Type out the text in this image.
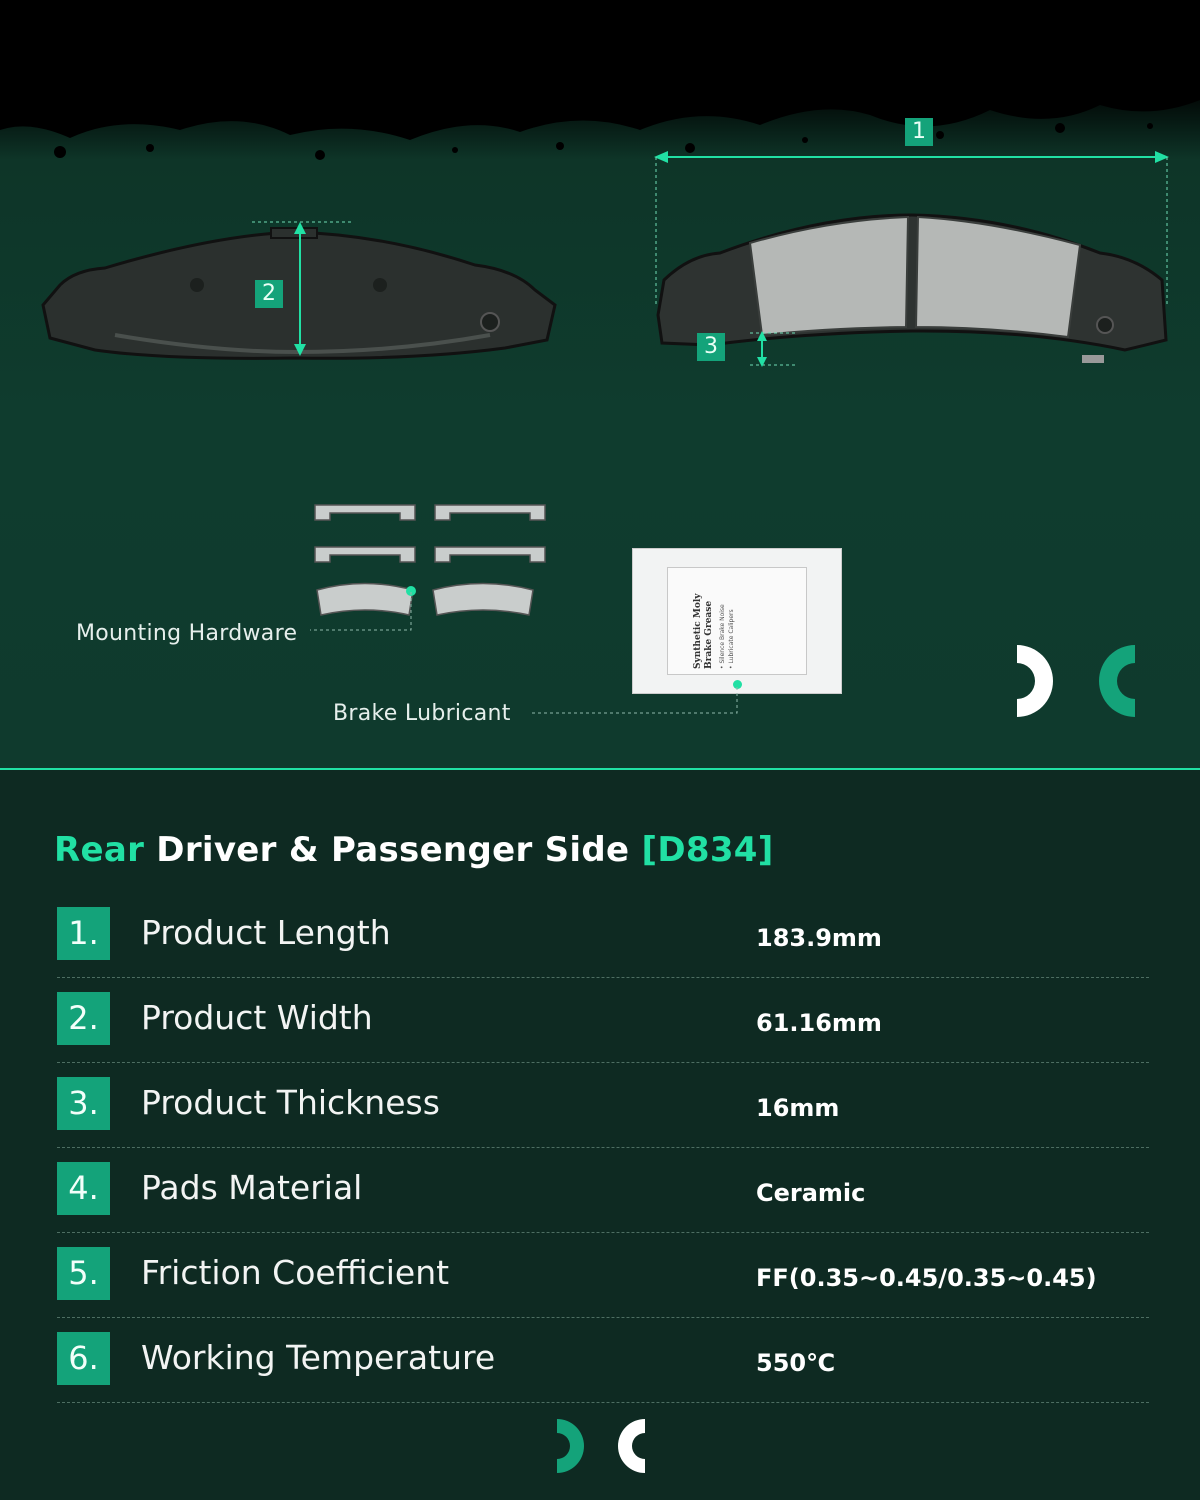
2
1
3
Mounting Hardware	Synthetic Moly Brake Grease • Silence Brake Noise • Lubricate Calipers
Brake Lubricant
Rear Driver & Passenger Side [D834]
1.	Product Length	183.9mm
2.	Product Width	61.16mm
3.	Product Thickness	16mm
4.	Pads Material	Ceramic
5.	Friction Coefficient	FF(0.35~0.45/0.35~0.45)
6.	Working Temperature	550℃
